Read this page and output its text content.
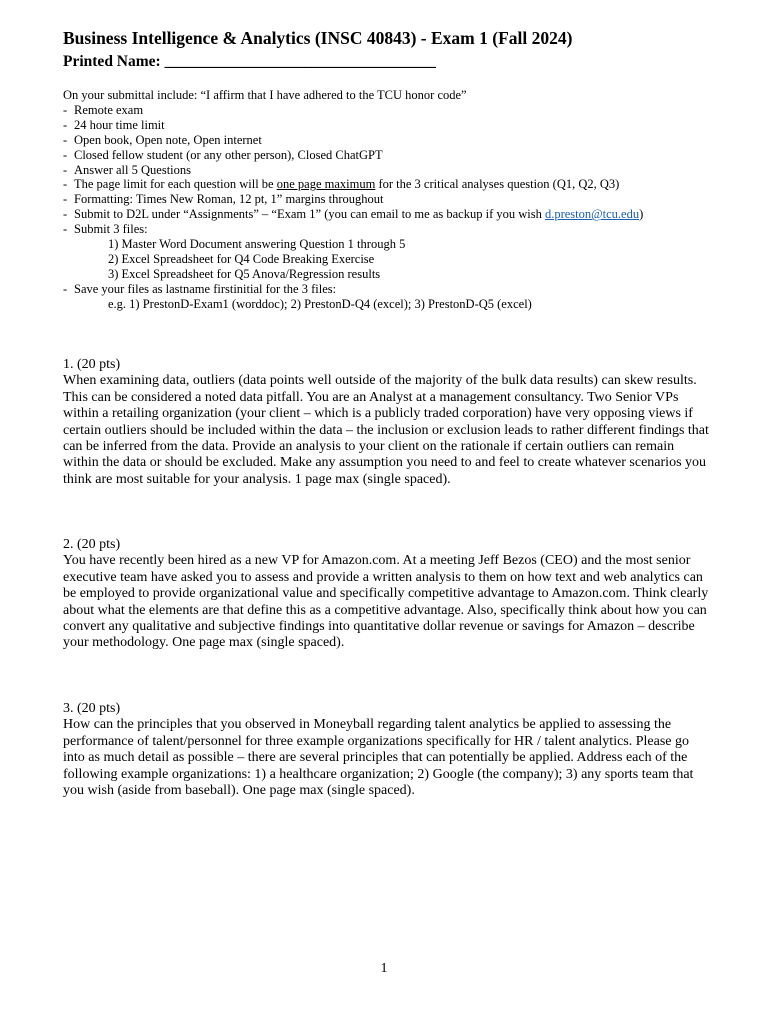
Business Intelligence & Analytics (INSC 40843) - Exam 1 (Fall 2024)
Printed Name: ___________________________________
On your submittal include: “I affirm that I have adhered to the TCU honor code”
- Remote exam
- 24 hour time limit
- Open book, Open note, Open internet
- Closed fellow student (or any other person), Closed ChatGPT
- Answer all 5 Questions
- The page limit for each question will be one page maximum for the 3 critical analyses question (Q1, Q2, Q3)
- Formatting: Times New Roman, 12 pt, 1” margins throughout
- Submit to D2L under “Assignments” – “Exam 1” (you can email to me as backup if you wish d.preston@tcu.edu)
- Submit 3 files:
1) Master Word Document answering Question 1 through 5
2) Excel Spreadsheet for Q4 Code Breaking Exercise
3) Excel Spreadsheet for Q5 Anova/Regression results
- Save your files as lastname firstinitial for the 3 files:
e.g. 1) PrestonD-Exam1 (worddoc); 2) PrestonD-Q4 (excel); 3) PrestonD-Q5 (excel)
1. (20 pts)
When examining data, outliers (data points well outside of the majority of the bulk data results) can skew results. This can be considered a noted data pitfall. You are an Analyst at a management consultancy. Two Senior VPs within a retailing organization (your client – which is a publicly traded corporation) have very opposing views if certain outliers should be included within the data – the inclusion or exclusion leads to rather different findings that can be inferred from the data. Provide an analysis to your client on the rationale if certain outliers can remain within the data or should be excluded. Make any assumption you need to and feel to create whatever scenarios you think are most suitable for your analysis. 1 page max (single spaced).
2. (20 pts)
You have recently been hired as a new VP for Amazon.com. At a meeting Jeff Bezos (CEO) and the most senior executive team have asked you to assess and provide a written analysis to them on how text and web analytics can be employed to provide organizational value and specifically competitive advantage to Amazon.com. Think clearly about what the elements are that define this as a competitive advantage. Also, specifically think about how you can convert any qualitative and subjective findings into quantitative dollar revenue or savings for Amazon – describe your methodology. One page max (single spaced).
3. (20 pts)
How can the principles that you observed in Moneyball regarding talent analytics be applied to assessing the performance of talent/personnel for three example organizations specifically for HR / talent analytics. Please go into as much detail as possible – there are several principles that can potentially be applied. Address each of the following example organizations: 1) a healthcare organization; 2) Google (the company); 3) any sports team that you wish (aside from baseball). One page max (single spaced).
1
